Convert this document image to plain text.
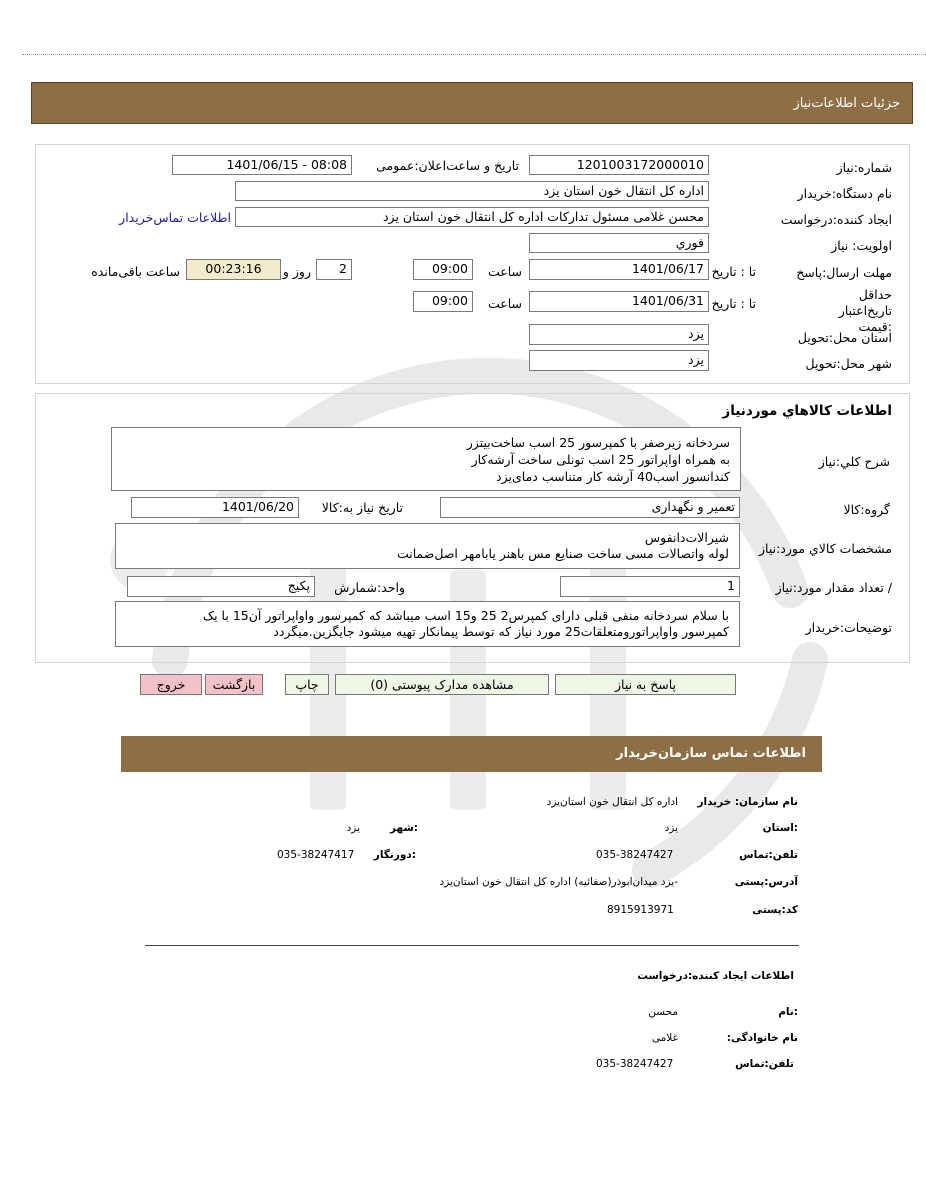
جزئیات اطلاعات‌نیاز
شماره:نیاز
1201003172000010
تاریخ و ساعت‌اعلان:عمومی
1401/06/15 - 08:08
نام دستگاه:خریدار
اداره کل انتقال خون استان یزد
ایجاد کننده:درخواست
محسن غلامی مسئول تدارکات اداره کل انتقال خون استان یزد
اطلاعات تماس‌خریدار
اولویت: نیاز
فوري
مهلت ارسال:پاسخ
تا : تاریخ
1401/06/17
ساعت
09:00
2
روز و
00:23:16
ساعت باقی‌مانده
حداقل تاریخ‌اعتبار :قیمت
تا : تاریخ
1401/06/31
ساعت
09:00
استان محل:تحویل
یزد
شهر محل:تحویل
یزد
اطلاعات کالاهاي موردنياز
شرح کلي:نياز
سردخانه زیرصفر با کمپرسور 25 اسب ساخت‌بیتزر
به همراه اواپراتور 25 اسب تونلی ساخت آرشه‌کار
کندانسور اسب40 آرشه کار متناسب دمای‌یزد
گروه:کالا
تعمیر و نگهداری
تاریخ نیاز به:کالا
1401/06/20
مشخصات کالاي مورد:نياز
شیرالات‌دانفوس
لوله واتصالات مسی ساخت صنایع مس باهنر یابامهر اصل‌ضمانت
/ تعداد مقدار مورد:نياز
1
واحد:شمارش
پکیج
توضيحات:خريدار
با سلام سردخانه منفی قبلی دارای کمپرس2 25 و15 اسب میباشد که کمپرسور واواپراتور آن15 با یک
کمپرسور واواپراتورومتعلقات25 مورد نیاز که توسط پیمانکار تهیه میشود جایگزین.میگردد
پاسخ به نیاز
مشاهده مدارک پیوستی (0)
چاپ
بازگشت
خروج
اطلاعات تماس سازمان‌خریدار
نام سازمان: خریدار
اداره کل انتقال خون استان‌یزد
:استان
یزد
:شهر
یزد
تلفن:تماس
035-38247427
:دورنگار
035-38247417
آدرس:پستی
-یزد میدان‌ابوذر(صفائیه) اداره کل انتقال خون استان‌یزد
کد:پستی
8915913971
اطلاعات ایجاد کننده:درخواست
:نام
محسن
نام خانوادگی:
غلامی
تلفن:تماس
035-38247427
